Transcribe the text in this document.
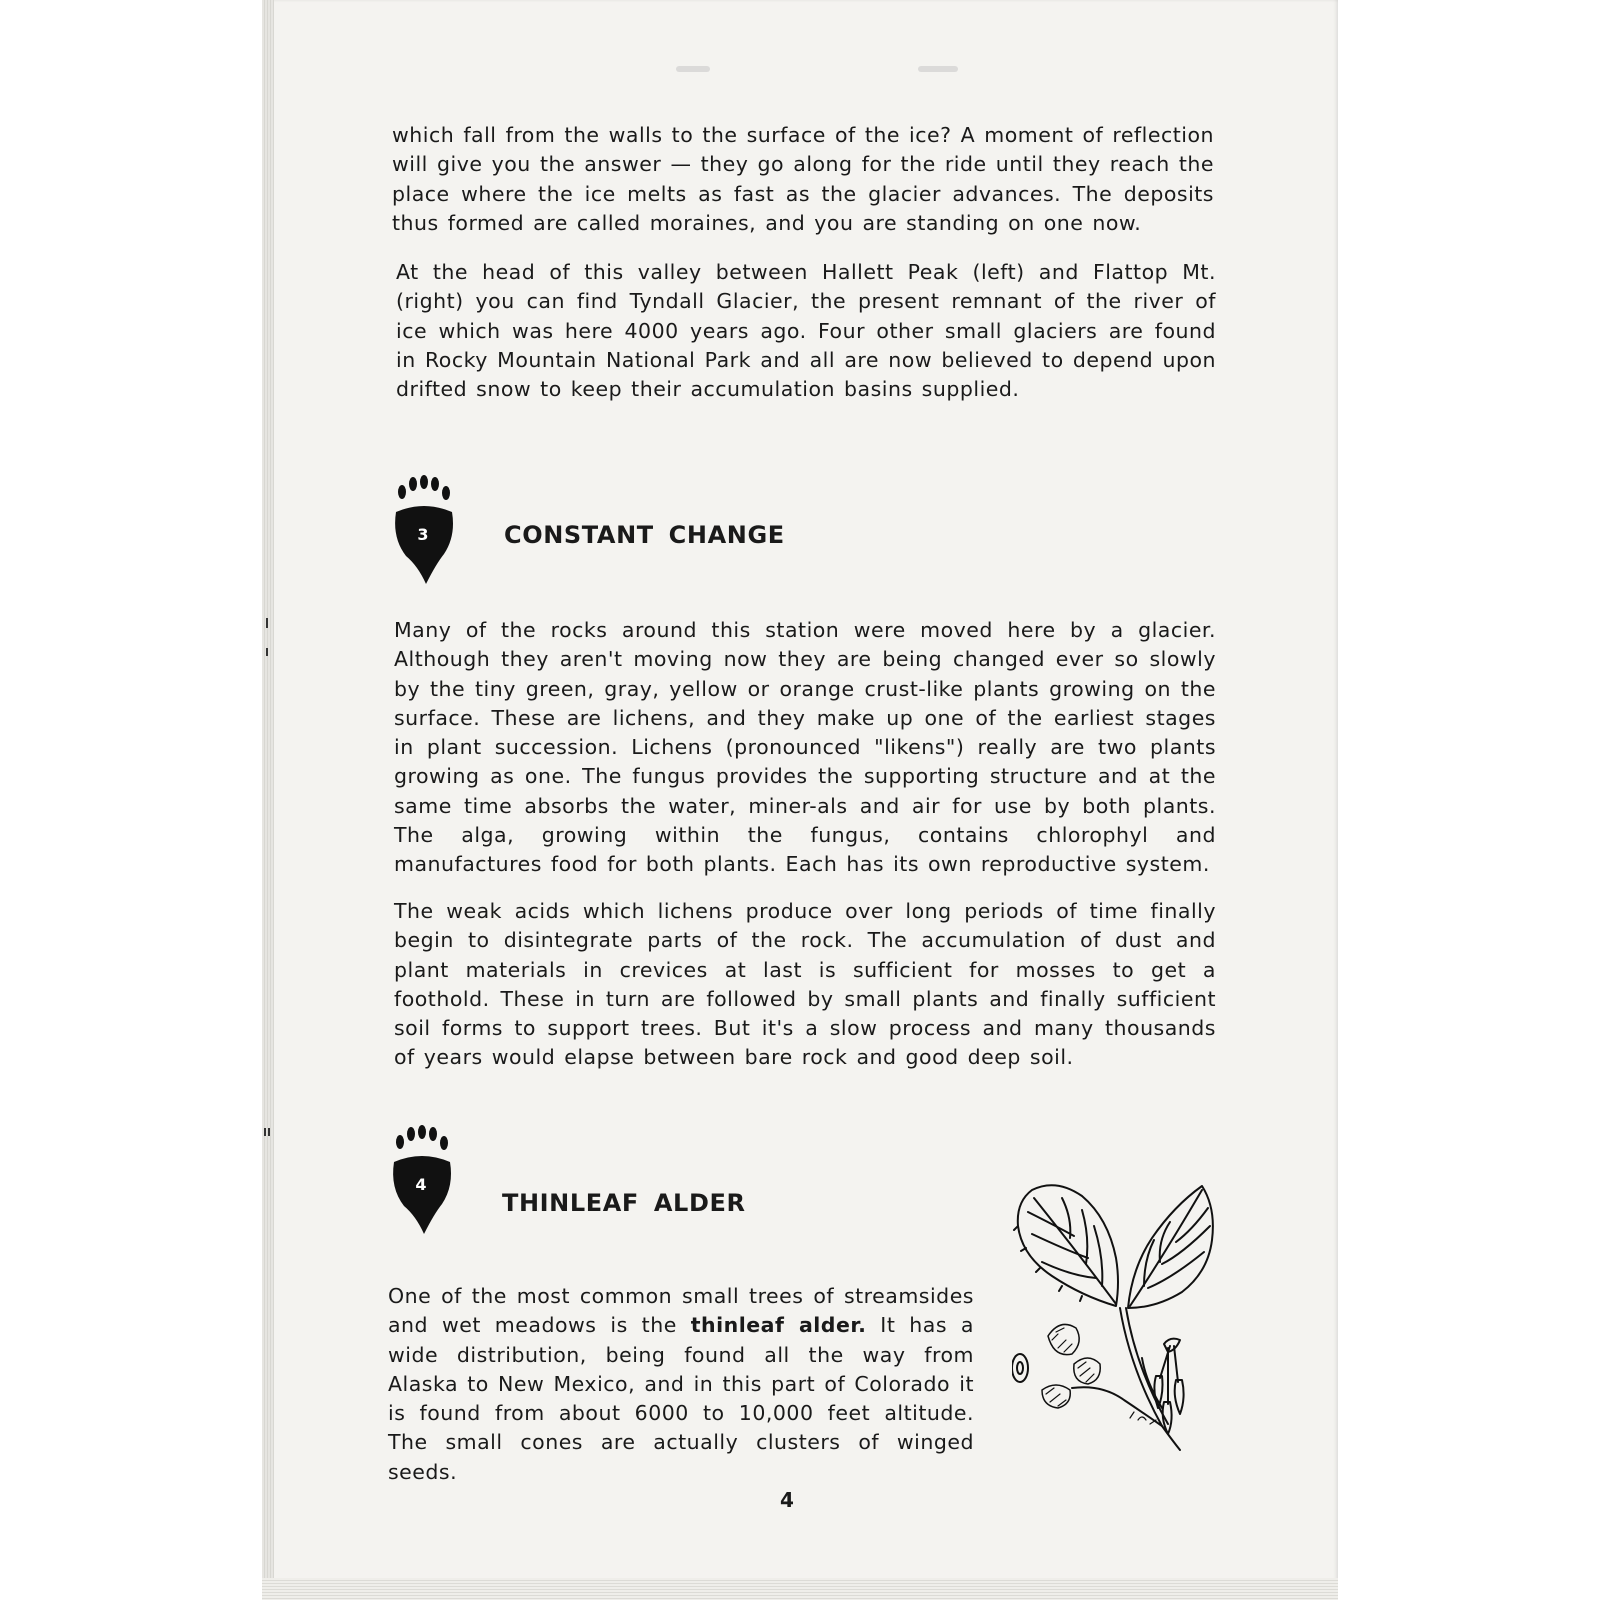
which fall from the walls to the surface of the ice? A moment of reflection will give you the answer — they go along for the ride until they reach the place where the ice melts as fast as the glacier advances. The deposits thus formed are called moraines, and you are standing on one now.

At the head of this valley between Hallett Peak (left) and Flattop Mt. (right) you can find Tyndall Glacier, the present remnant of the river of ice which was here 4000 years ago. Four other small glaciers are found in Rocky Mountain National Park and all are now believed to depend upon drifted snow to keep their accumulation basins supplied.

3	CONSTANT CHANGE

Many of the rocks around this station were moved here by a glacier. Although they aren't moving now they are being changed ever so slowly by the tiny green, gray, yellow or orange crust-like plants growing on the surface. These are lichens, and they make up one of the earliest stages in plant succession. Lichens (pronounced "likens") really are two plants growing as one. The fungus provides the supporting structure and at the same time absorbs the water, miner-als and air for use by both plants. The alga, growing within the fungus, contains chlorophyl and manufactures food for both plants. Each has its own reproductive system.

The weak acids which lichens produce over long periods of time finally begin to disintegrate parts of the rock. The accumulation of dust and plant materials in crevices at last is sufficient for mosses to get a foothold. These in turn are followed by small plants and finally sufficient soil forms to support trees. But it's a slow process and many thousands of years would elapse between bare rock and good deep soil.

4
THINLEAF ALDER

One of the most common small trees of streamsides and wet meadows is the thinleaf alder. It has a wide distribution, being found all the way from Alaska to New Mexico, and in this part of Colorado it is found from about 6000 to 10,000 feet altitude. The small cones are actually clusters of winged seeds.

4
